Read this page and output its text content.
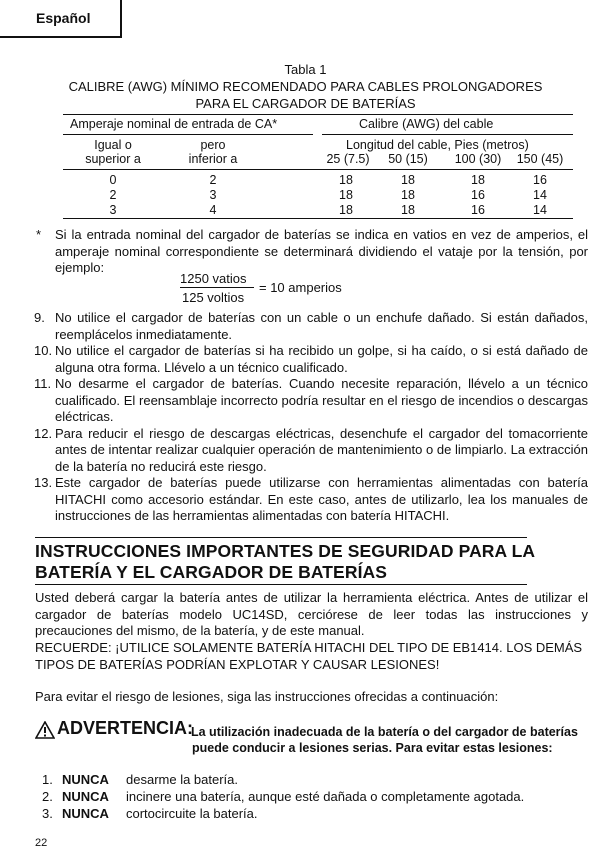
Español
Tabla 1
CALIBRE (AWG) MÍNIMO RECOMENDADO PARA CABLES PROLONGADORES
PARA EL CARGADOR DE BATERÍAS
Amperaje nominal de entrada de CA*	Calibre (AWG) del cable
Igual o
superior a
pero
inferior a
Longitud del cable, Pies (metros)
25 (7.5)	50 (15)	100 (30)	150 (45)
0	2	18	18	18	16
2	3	18	18	16	14
3	4	18	18	16	14
* Si la entrada nominal del cargador de baterías se indica en vatios en vez de amperios, el amperaje nominal correspondiente se determinará dividiendo el vataje por la tensión, por ejemplo:
1250 vatios
125 voltios
= 10 amperios
9. No utilice el cargador de baterías con un cable o un enchufe dañado. Si están dañados, reemplácelos inmediatamente.
10. No utilice el cargador de baterías si ha recibido un golpe, si ha caído, o si está dañado de alguna otra forma. Llévelo a un técnico cualificado.
11. No desarme el cargador de baterías. Cuando necesite reparación, llévelo a un técnico cualificado. El reensamblaje incorrecto podría resultar en el riesgo de incendios o descargas eléctricas.
12. Para reducir el riesgo de descargas eléctricas, desenchufe el cargador del tomacorriente antes de intentar realizar cualquier operación de mantenimiento o de limpiarlo. La extracción de la batería no reducirá este riesgo.
13. Este cargador de baterías puede utilizarse con herramientas alimentadas con batería HITACHI como accesorio estándar. En este caso, antes de utilizarlo, lea los manuales de instrucciones de las herramientas alimentadas con batería HITACHI.
INSTRUCCIONES IMPORTANTES DE SEGURIDAD PARA LA
BATERÍA Y EL CARGADOR DE BATERÍAS
Usted deberá cargar la batería antes de utilizar la herramienta eléctrica. Antes de utilizar el cargador de baterías modelo UC14SD, cerciórese de leer todas las instrucciones y precauciones del mismo, de la batería, y de este manual.
RECUERDE: ¡UTILICE SOLAMENTE BATERÍA HITACHI DEL TIPO DE EB1414. LOS DEMÁS
TIPOS DE BATERÍAS PODRÍAN EXPLOTAR Y CAUSAR LESIONES!
Para evitar el riesgo de lesiones, siga las instrucciones ofrecidas a continuación:
ADVERTENCIA:
La utilización inadecuada de la batería o del cargador de baterías
puede conducir a lesiones serias. Para evitar estas lesiones:
1. NUNCA	desarme la batería.
2. NUNCA	incinere una batería, aunque esté dañada o completamente agotada.
3. NUNCA	cortocircuite la batería.
22
